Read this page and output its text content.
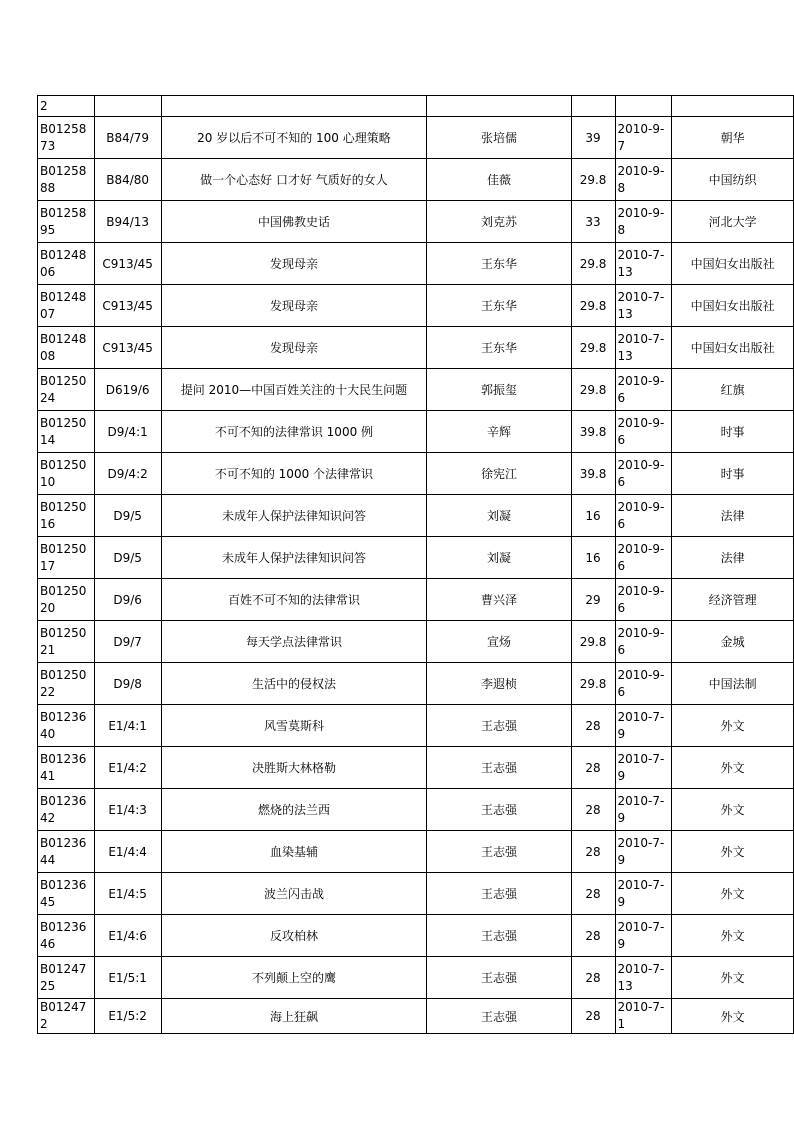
2						
B0125873	B84/79	20 岁以后不可不知的 100 心理策略	张培儒	39	2010-9-7	朝华
B0125888	B84/80	做一个心态好 口才好 气质好的女人	佳薇	29.8	2010-9-8	中国纺织
B0125895	B94/13	中国佛教史话	刘克苏	33	2010-9-8	河北大学
B0124806	C913/45	发现母亲	王东华	29.8	2010-7-13	中国妇女出版社
B0124807	C913/45	发现母亲	王东华	29.8	2010-7-13	中国妇女出版社
B0124808	C913/45	发现母亲	王东华	29.8	2010-7-13	中国妇女出版社
B0125024	D619/6	提问 2010—中国百姓关注的十大民生问题	郭振玺	29.8	2010-9-6	红旗
B0125014	D9/4:1	不可不知的法律常识 1000 例	辛辉	39.8	2010-9-6	时事
B0125010	D9/4:2	不可不知的 1000 个法律常识	徐宪江	39.8	2010-9-6	时事
B0125016	D9/5	未成年人保护法律知识问答	刘凝	16	2010-9-6	法律
B0125017	D9/5	未成年人保护法律知识问答	刘凝	16	2010-9-6	法律
B0125020	D9/6	百姓不可不知的法律常识	曹兴泽	29	2010-9-6	经济管理
B0125021	D9/7	每天学点法律常识	宣炀	29.8	2010-9-6	金城
B0125022	D9/8	生活中的侵权法	李遐桢	29.8	2010-9-6	中国法制
B0123640	E1/4:1	风雪莫斯科	王志强	28	2010-7-9	外文
B0123641	E1/4:2	决胜斯大林格勒	王志强	28	2010-7-9	外文
B0123642	E1/4:3	燃烧的法兰西	王志强	28	2010-7-9	外文
B0123644	E1/4:4	血染基辅	王志强	28	2010-7-9	外文
B0123645	E1/4:5	波兰闪击战	王志强	28	2010-7-9	外文
B0123646	E1/4:6	反攻柏林	王志强	28	2010-7-9	外文
B0124725	E1/5:1	不列颠上空的鹰	王志强	28	2010-7-13	外文
B012472	E1/5:2	海上狂飙	王志强	28	2010-7-1	外文
